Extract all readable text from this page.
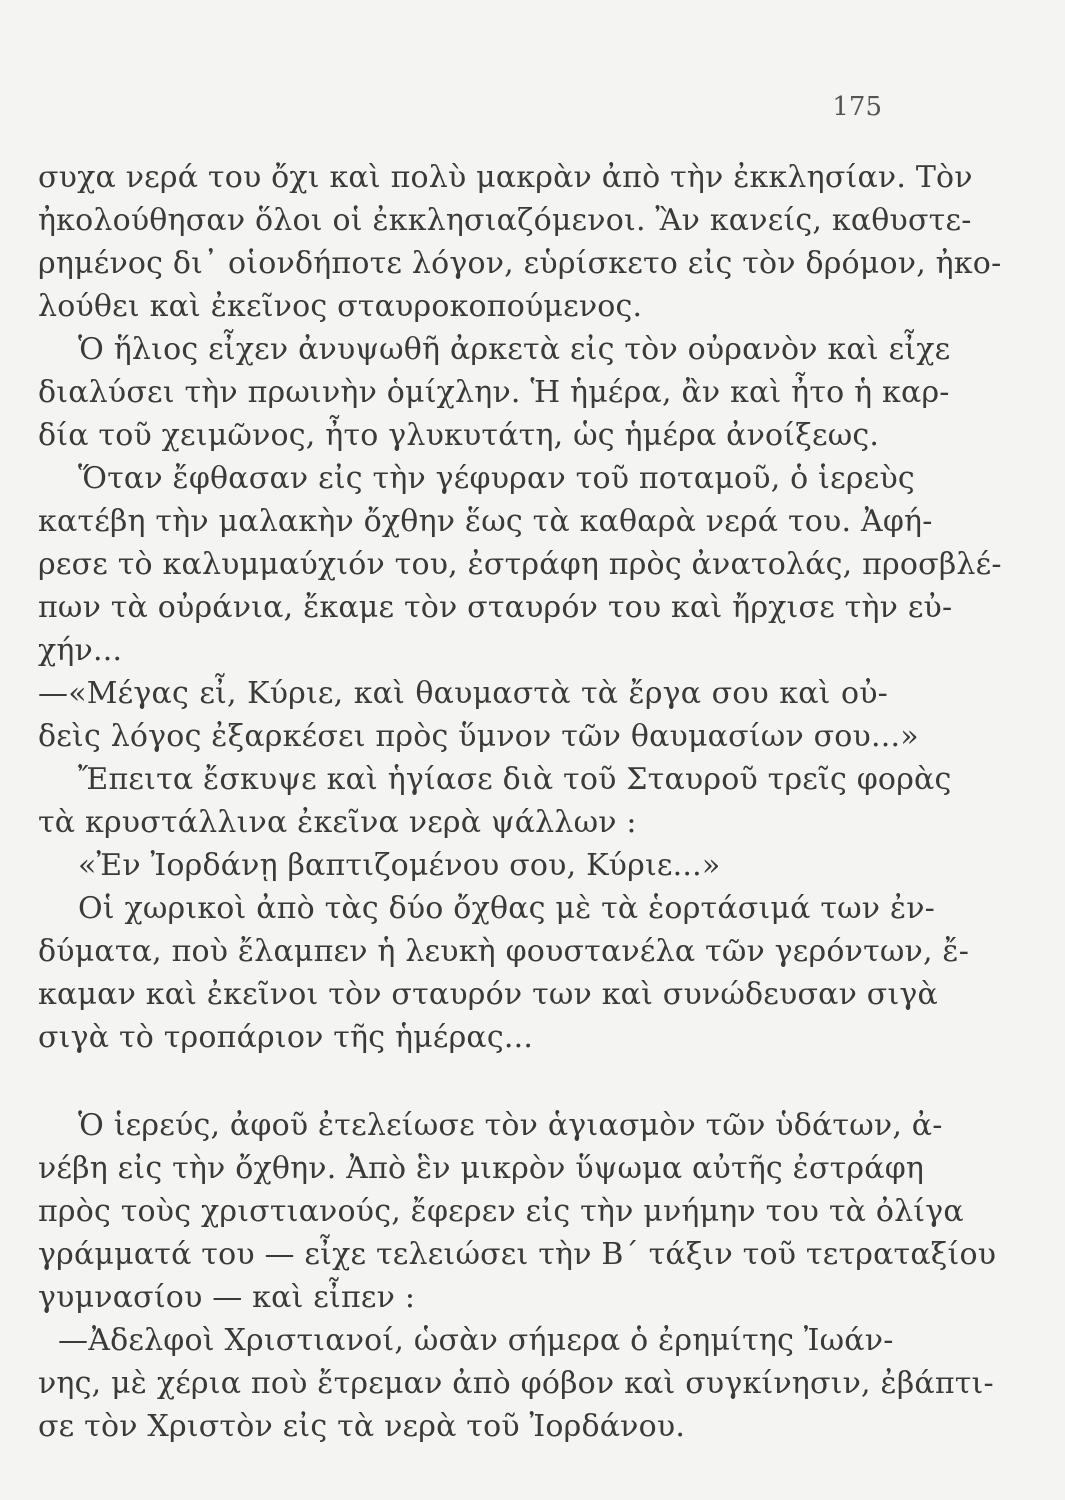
175
συχα νερά του ὄχι καὶ πολὺ μακρὰν ἀπὸ τὴν ἐκκλησίαν. Τὸν
ἠκολούθησαν ὅλοι οἱ ἐκκλησιαζόμενοι. Ἂν κανείς, καθυστε-
ρημένος δι᾽ οἱονδήποτε λόγον, εὑρίσκετο εἰς τὸν δρόμον, ἠκο-
λούθει καὶ ἐκεῖνος σταυροκοπούμενος.
Ὁ ἥλιος εἶχεν ἀνυψωθῆ ἀρκετὰ εἰς τὸν οὐρανὸν καὶ εἶχε
διαλύσει τὴν πρωινὴν ὁμίχλην. Ἡ ἡμέρα, ἂν καὶ ἦτο ἡ καρ-
δία τοῦ χειμῶνος, ἦτο γλυκυτάτη, ὡς ἡμέρα ἀνοίξεως.
Ὅταν ἔφθασαν εἰς τὴν γέφυραν τοῦ ποταμοῦ, ὁ ἱερεὺς
κατέβη τὴν μαλακὴν ὄχθην ἕως τὰ καθαρὰ νερά του. Ἀφή-
ρεσε τὸ καλυμμαύχιόν του, ἐστράφη πρὸς ἀνατολάς, προσβλέ-
πων τὰ οὐράνια, ἔκαμε τὸν σταυρόν του καὶ ἤρχισε τὴν εὐ-
χήν...
—«Μέγας εἶ, Κύριε, καὶ θαυμαστὰ τὰ ἔργα σου καὶ οὐ-
δεὶς λόγος ἐξαρκέσει πρὸς ὕμνον τῶν θαυμασίων σου...»
Ἔπειτα ἔσκυψε καὶ ἡγίασε διὰ τοῦ Σταυροῦ τρεῖς φορὰς
τὰ κρυστάλλινα ἐκεῖνα νερὰ ψάλλων :
«Ἐν Ἰορδάνῃ βαπτιζομένου σου, Κύριε...»
Οἱ χωρικοὶ ἀπὸ τὰς δύο ὄχθας μὲ τὰ ἑορτάσιμά των ἐν-
δύματα, ποὺ ἔλαμπεν ἡ λευκὴ φουστανέλα τῶν γερόντων, ἔ-
καμαν καὶ ἐκεῖνοι τὸν σταυρόν των καὶ συνώδευσαν σιγὰ
σιγὰ τὸ τροπάριον τῆς ἡμέρας...
Ὁ ἱερεύς, ἀφοῦ ἐτελείωσε τὸν ἁγιασμὸν τῶν ὑδάτων, ἀ-
νέβη εἰς τὴν ὄχθην. Ἀπὸ ἓν μικρὸν ὕψωμα αὐτῆς ἐστράφη
πρὸς τοὺς χριστιανούς, ἔφερεν εἰς τὴν μνήμην του τὰ ὀλίγα
γράμματά του — εἶχε τελειώσει τὴν Β΄ τάξιν τοῦ τετραταξίου
γυμνασίου — καὶ εἶπεν :
—Ἀδελφοὶ Χριστιανοί, ὡσὰν σήμερα ὁ ἐρημίτης Ἰωάν-
νης, μὲ χέρια ποὺ ἔτρεμαν ἀπὸ φόβον καὶ συγκίνησιν, ἐβάπτι-
σε τὸν Χριστὸν εἰς τὰ νερὰ τοῦ Ἰορδάνου.
